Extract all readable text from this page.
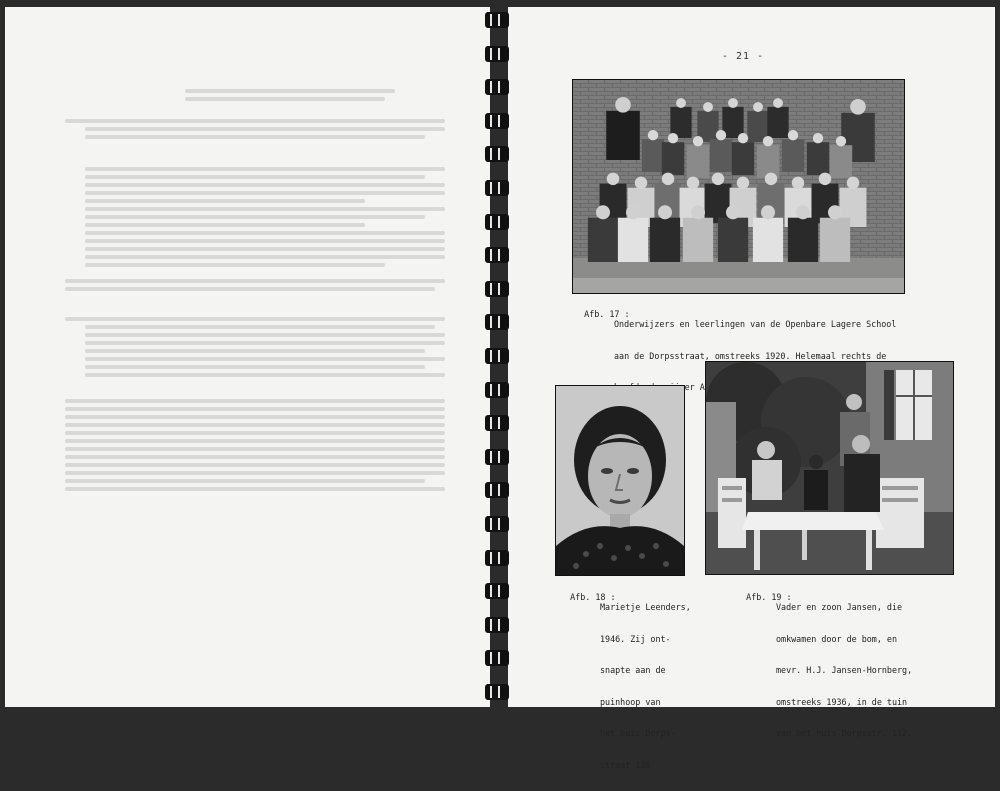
- 21 -

Afb. 17 :

Onderwijzers en leerlingen van de Openbare Lagere School

aan de Dorpsstraat, omstreeks 1920. Helemaal rechts de

Afb. 18 :

Marietje Leenders,

1946. Zij ont-

snapte aan de

puinhoop van

het huis Dorps-

straat 126.

Afb. 19 :

Vader en zoon Jansen, die

omkwamen door de bom, en

mevr. H.J. Jansen-Hornberg,

omstreeks 1936, in de tuin

van het huis Dorpsstr. 112.
